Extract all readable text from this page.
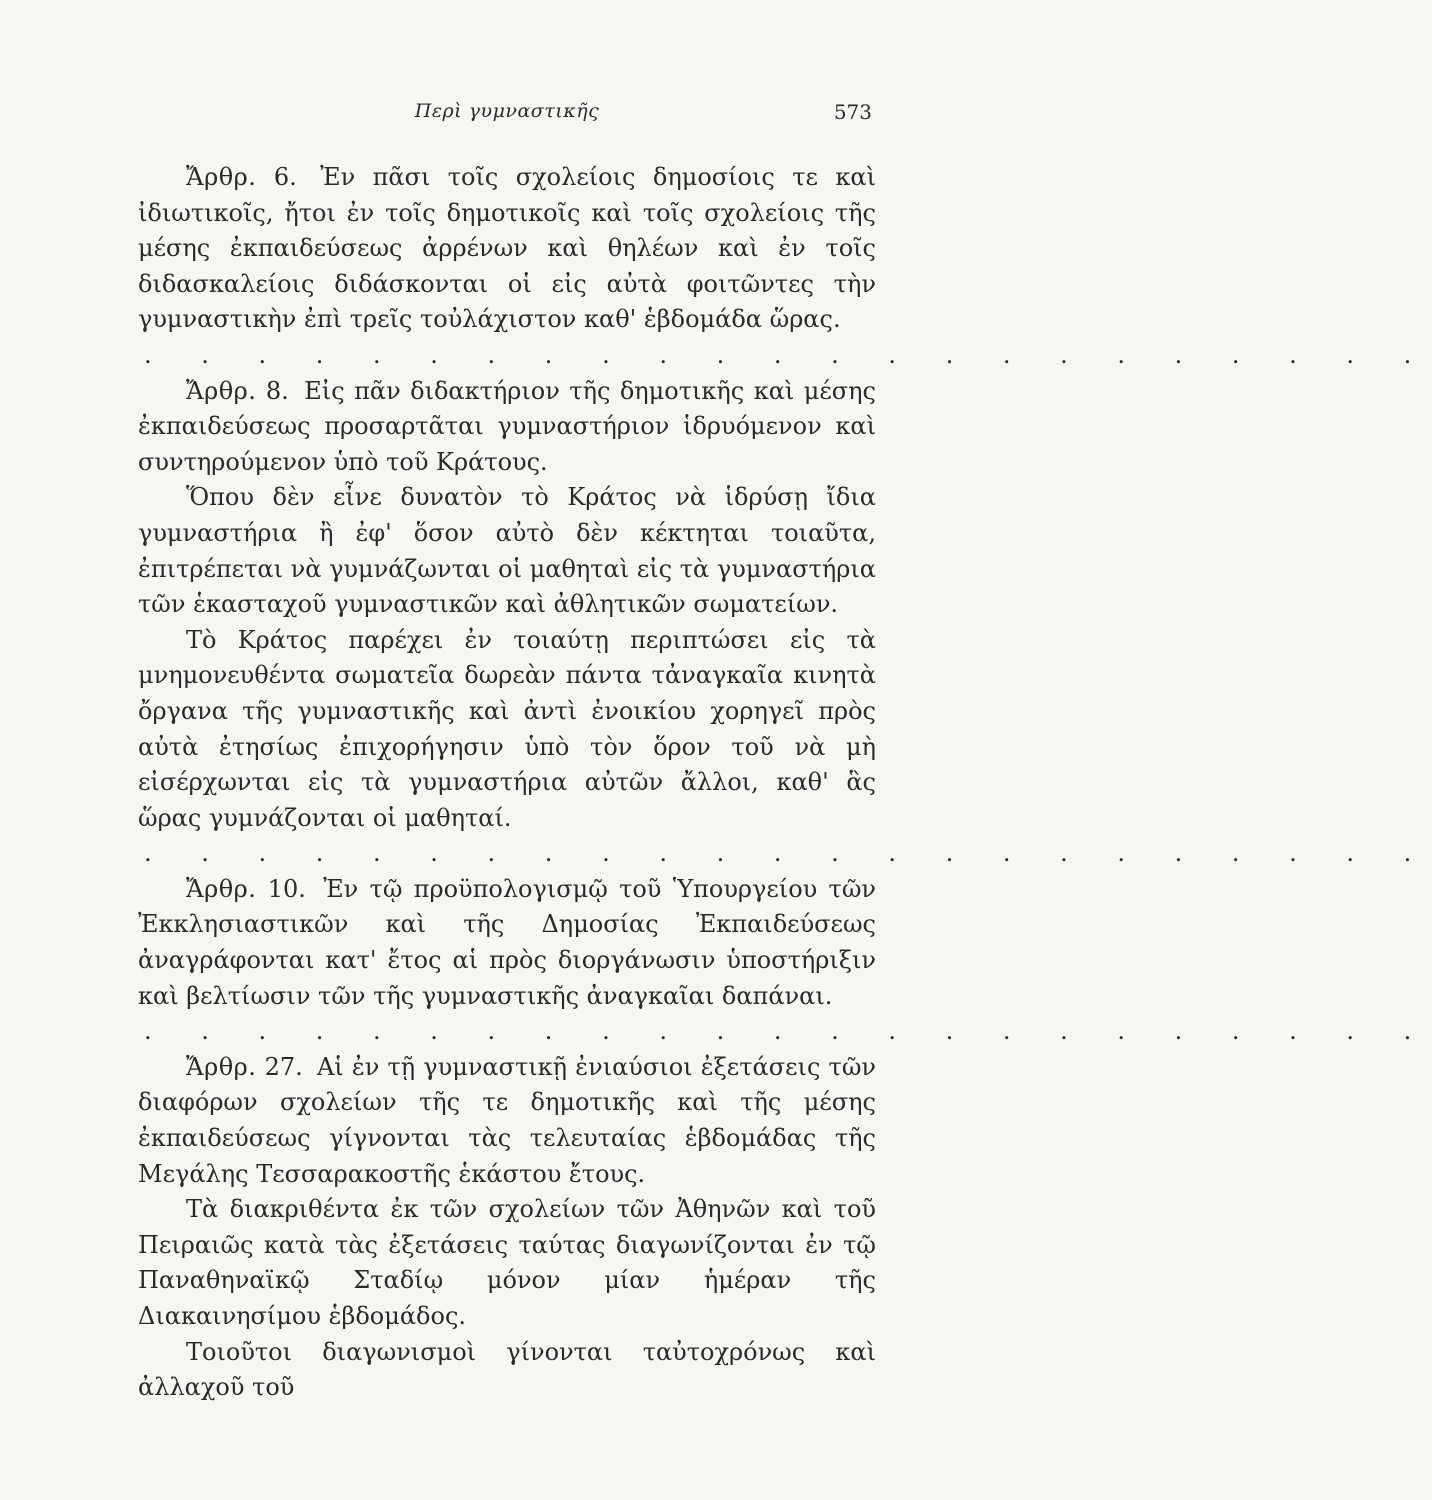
Περὶ γυμναστικῆς	573

Ἄρθρ. 6. Ἐν πᾶσι τοῖς σχολείοις δημοσίοις τε καὶ ἰδιωτικοῖς, ἤτοι ἐν τοῖς δημοτικοῖς καὶ τοῖς σχολείοις τῆς μέσης ἐκπαιδεύσεως ἀρρένων καὶ θηλέων καὶ ἐν τοῖς διδασκαλείοις διδάσκονται οἱ εἰς αὐτὰ φοιτῶντες τὴν γυμναστικὴν ἐπὶ τρεῖς τοὐλάχιστον καθ' ἑβδομάδα ὥρας.

. . . . . . . . . . . . . . . . . . . . . . .

Ἄρθρ. 8. Εἰς πᾶν διδακτήριον τῆς δημοτικῆς καὶ μέσης ἐκπαιδεύσεως προσαρτᾶται γυμναστήριον ἱδρυόμενον καὶ συντηρούμενον ὑπὸ τοῦ Κράτους.

Ὅπου δὲν εἶνε δυνατὸν τὸ Κράτος νὰ ἱδρύσῃ ἴδια γυμναστήρια ἢ ἐφ' ὅσον αὐτὸ δὲν κέκτηται τοιαῦτα, ἐπιτρέπεται νὰ γυμνάζωνται οἱ μαθηταὶ εἰς τὰ γυμναστήρια τῶν ἑκασταχοῦ γυμναστικῶν καὶ ἀθλητικῶν σωματείων.

Τὸ Κράτος παρέχει ἐν τοιαύτῃ περιπτώσει εἰς τὰ μνημονευθέντα σωματεῖα δωρεὰν πάντα τἀναγκαῖα κινητὰ ὄργανα τῆς γυμναστικῆς καὶ ἀντὶ ἐνοικίου χορηγεῖ πρὸς αὐτὰ ἐτησίως ἐπιχορήγησιν ὑπὸ τὸν ὅρον τοῦ νὰ μὴ εἰσέρχωνται εἰς τὰ γυμναστήρια αὐτῶν ἄλλοι, καθ' ἃς ὥρας γυμνάζονται οἱ μαθηταί.

. . . . . . . . . . . . . . . . . . . . . . .

Ἄρθρ. 10. Ἐν τῷ προϋπολογισμῷ τοῦ Ὑπουργείου τῶν Ἐκκλησιαστικῶν καὶ τῆς Δημοσίας Ἐκπαιδεύσεως ἀναγράφονται κατ' ἔτος αἱ πρὸς διοργάνωσιν ὑποστήριξιν καὶ βελτίωσιν τῶν τῆς γυμναστικῆς ἀναγκαῖαι δαπάναι.

. . . . . . . . . . . . . . . . . . . . . . .

Ἄρθρ. 27. Αἱ ἐν τῇ γυμναστικῇ ἐνιαύσιοι ἐξετάσεις τῶν διαφόρων σχολείων τῆς τε δημοτικῆς καὶ τῆς μέσης ἐκπαιδεύσεως γίγνονται τὰς τελευταίας ἑβδομάδας τῆς Μεγάλης Τεσσαρακοστῆς ἑκάστου ἔτους.

Τὰ διακριθέντα ἐκ τῶν σχολείων τῶν Ἀθηνῶν καὶ τοῦ Πειραιῶς κατὰ τὰς ἐξετάσεις ταύτας διαγωνίζονται ἐν τῷ Παναθηναϊκῷ Σταδίῳ μόνον μίαν ἡμέραν τῆς Διακαινησίμου ἑβδομάδος.

Τοιοῦτοι διαγωνισμοὶ γίνονται ταὐτοχρόνως καὶ ἀλλαχοῦ τοῦ
